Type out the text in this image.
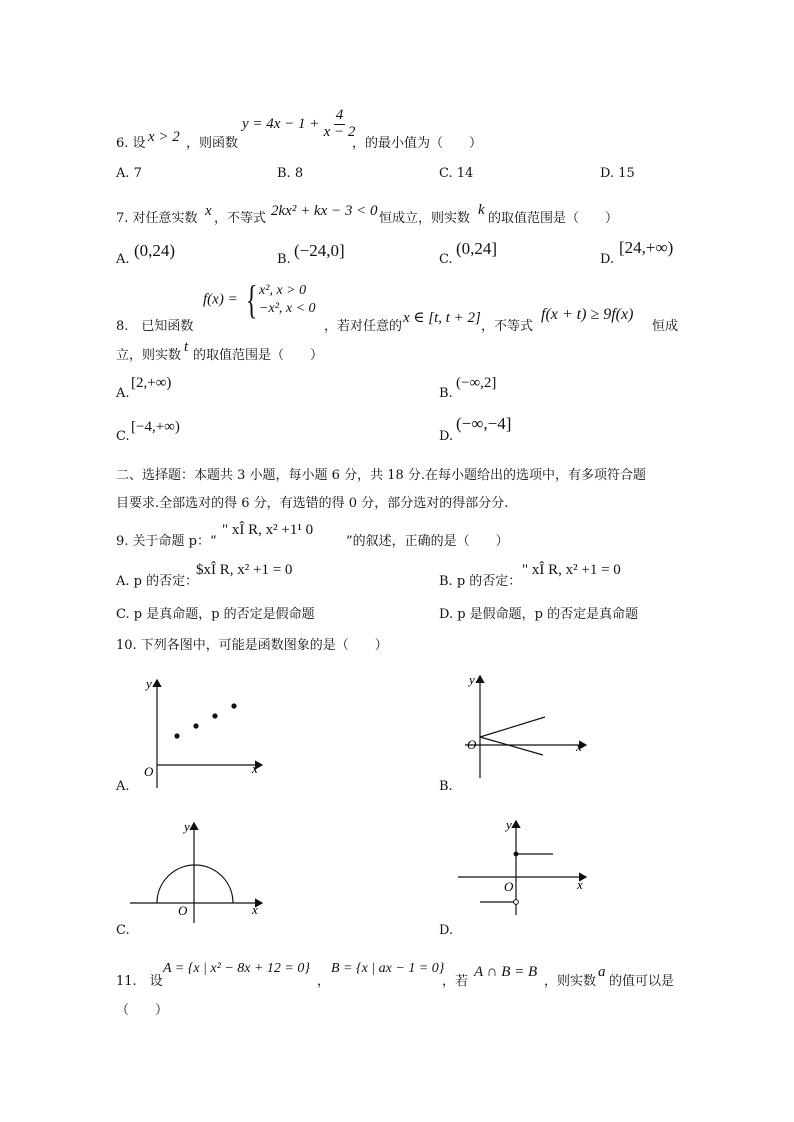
6. 设 x > 2 ，则函数
$y = 4x - 1 + \frac{4}{x - 2}$
，的最小值为（　　）
A. 7	B. 8	C. 14	D. 15
7. 对任意实数 x ，不等式 2kx² + kx − 3 < 0 恒成立，则实数
k
的取值范围是（　　）
A. (0,24)	B. (−24,0]	C.
(0,24]
D.
[24,+∞)
8.　已知函数
f(x) = { x², x > 0
−x², x < 0
，若对任意的
x ∈ [t, t + 2]
，不等式
f(x + t) ≥ 9f(x)
恒成
立，则实数
t
的取值范围是（　　）
A.
[2,+∞)
B.
(−∞,2]
C.
[−4,+∞)
D.
(−∞,−4]
二、选择题：本题共 3 小题，每小题 6 分，共 18 分.在每小题给出的选项中，有多项符合题
目要求.全部选对的得 6 分，有选错的得 0 分，部分选对的得部分分.
9. 关于命题 p：“
" xÎ R, x² +1¹ 0
”的叙述，正确的是（　　）
A. p 的否定：
$xÎ R, x² +1 = 0
B. p 的否定：
" xÎ R, x² +1 = 0
C. p 是真命题，p 的否定是假命题	D. p 是假命题，p 的否定是真命题
10. 下列各图中，可能是函数图象的是（　　）
y
x
O
A.
y
x
O
B.
y
x
O
C.
y
x
O
D.
11.　设
A = {x | x² − 8x + 12 = 0}
，
B = {x | ax − 1 = 0}
，若
A ∩ B = B
，则实数
a
的值可以是
（　　）
